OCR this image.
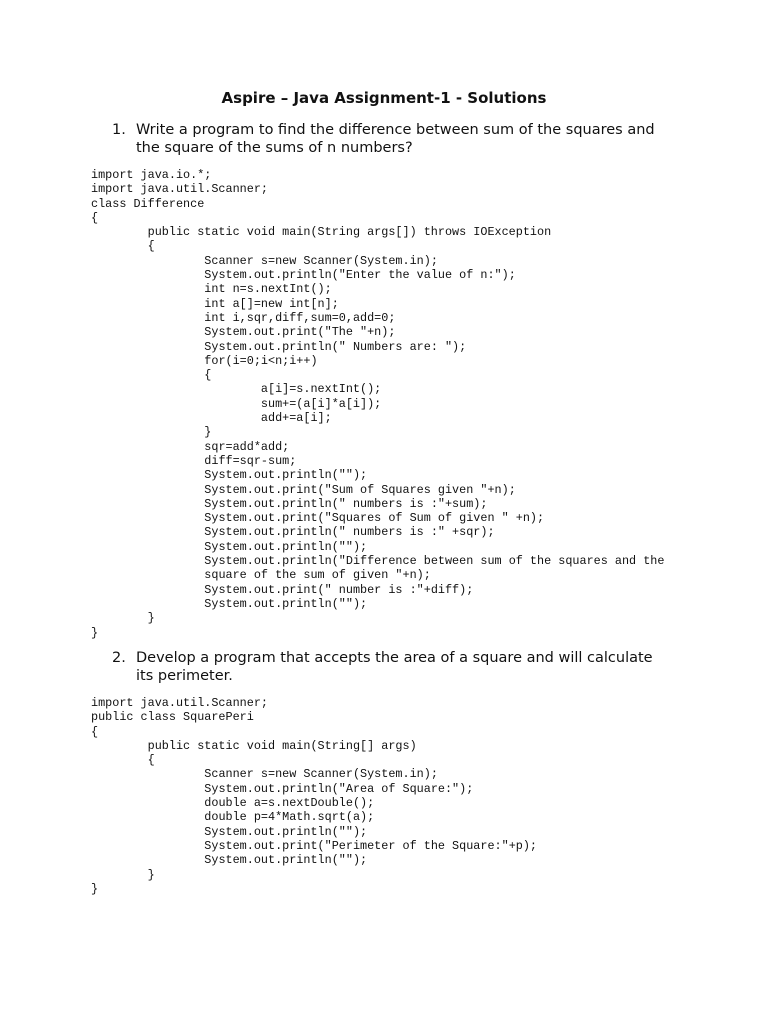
Aspire – Java Assignment-1 - Solutions
1. Write a program to find the difference between sum of the squares and the square of the sums of n numbers?
import java.io.*;
import java.util.Scanner;
class Difference
{
	public static void main(String args[]) throws IOException
	{
		Scanner s=new Scanner(System.in);
		System.out.println("Enter the value of n:");
		int n=s.nextInt();
		int a[]=new int[n];
		int i,sqr,diff,sum=0,add=0;
		System.out.print("The "+n);
		System.out.println(" Numbers are: ");
		for(i=0;i<n;i++)
		{
			a[i]=s.nextInt();
			sum+=(a[i]*a[i]);
			add+=a[i];
		}
		sqr=add*add;
		diff=sqr-sum;
		System.out.println("");
		System.out.print("Sum of Squares given "+n);
		System.out.println(" numbers is :"+sum);
		System.out.print("Squares of Sum of given " +n);
		System.out.println(" numbers is :" +sqr);
		System.out.println("");
		System.out.println("Difference between sum of the squares and the
		square of the sum of given "+n);
		System.out.print(" number is :"+diff);
		System.out.println("");
	}
}
2. Develop a program that accepts the area of a square and will calculate its perimeter.
import java.util.Scanner;
public class SquarePeri
{
	public static void main(String[] args)
	{
		Scanner s=new Scanner(System.in);
		System.out.println("Area of Square:");
		double a=s.nextDouble();
		double p=4*Math.sqrt(a);
		System.out.println("");
		System.out.print("Perimeter of the Square:"+p);
		System.out.println("");
	}
}
